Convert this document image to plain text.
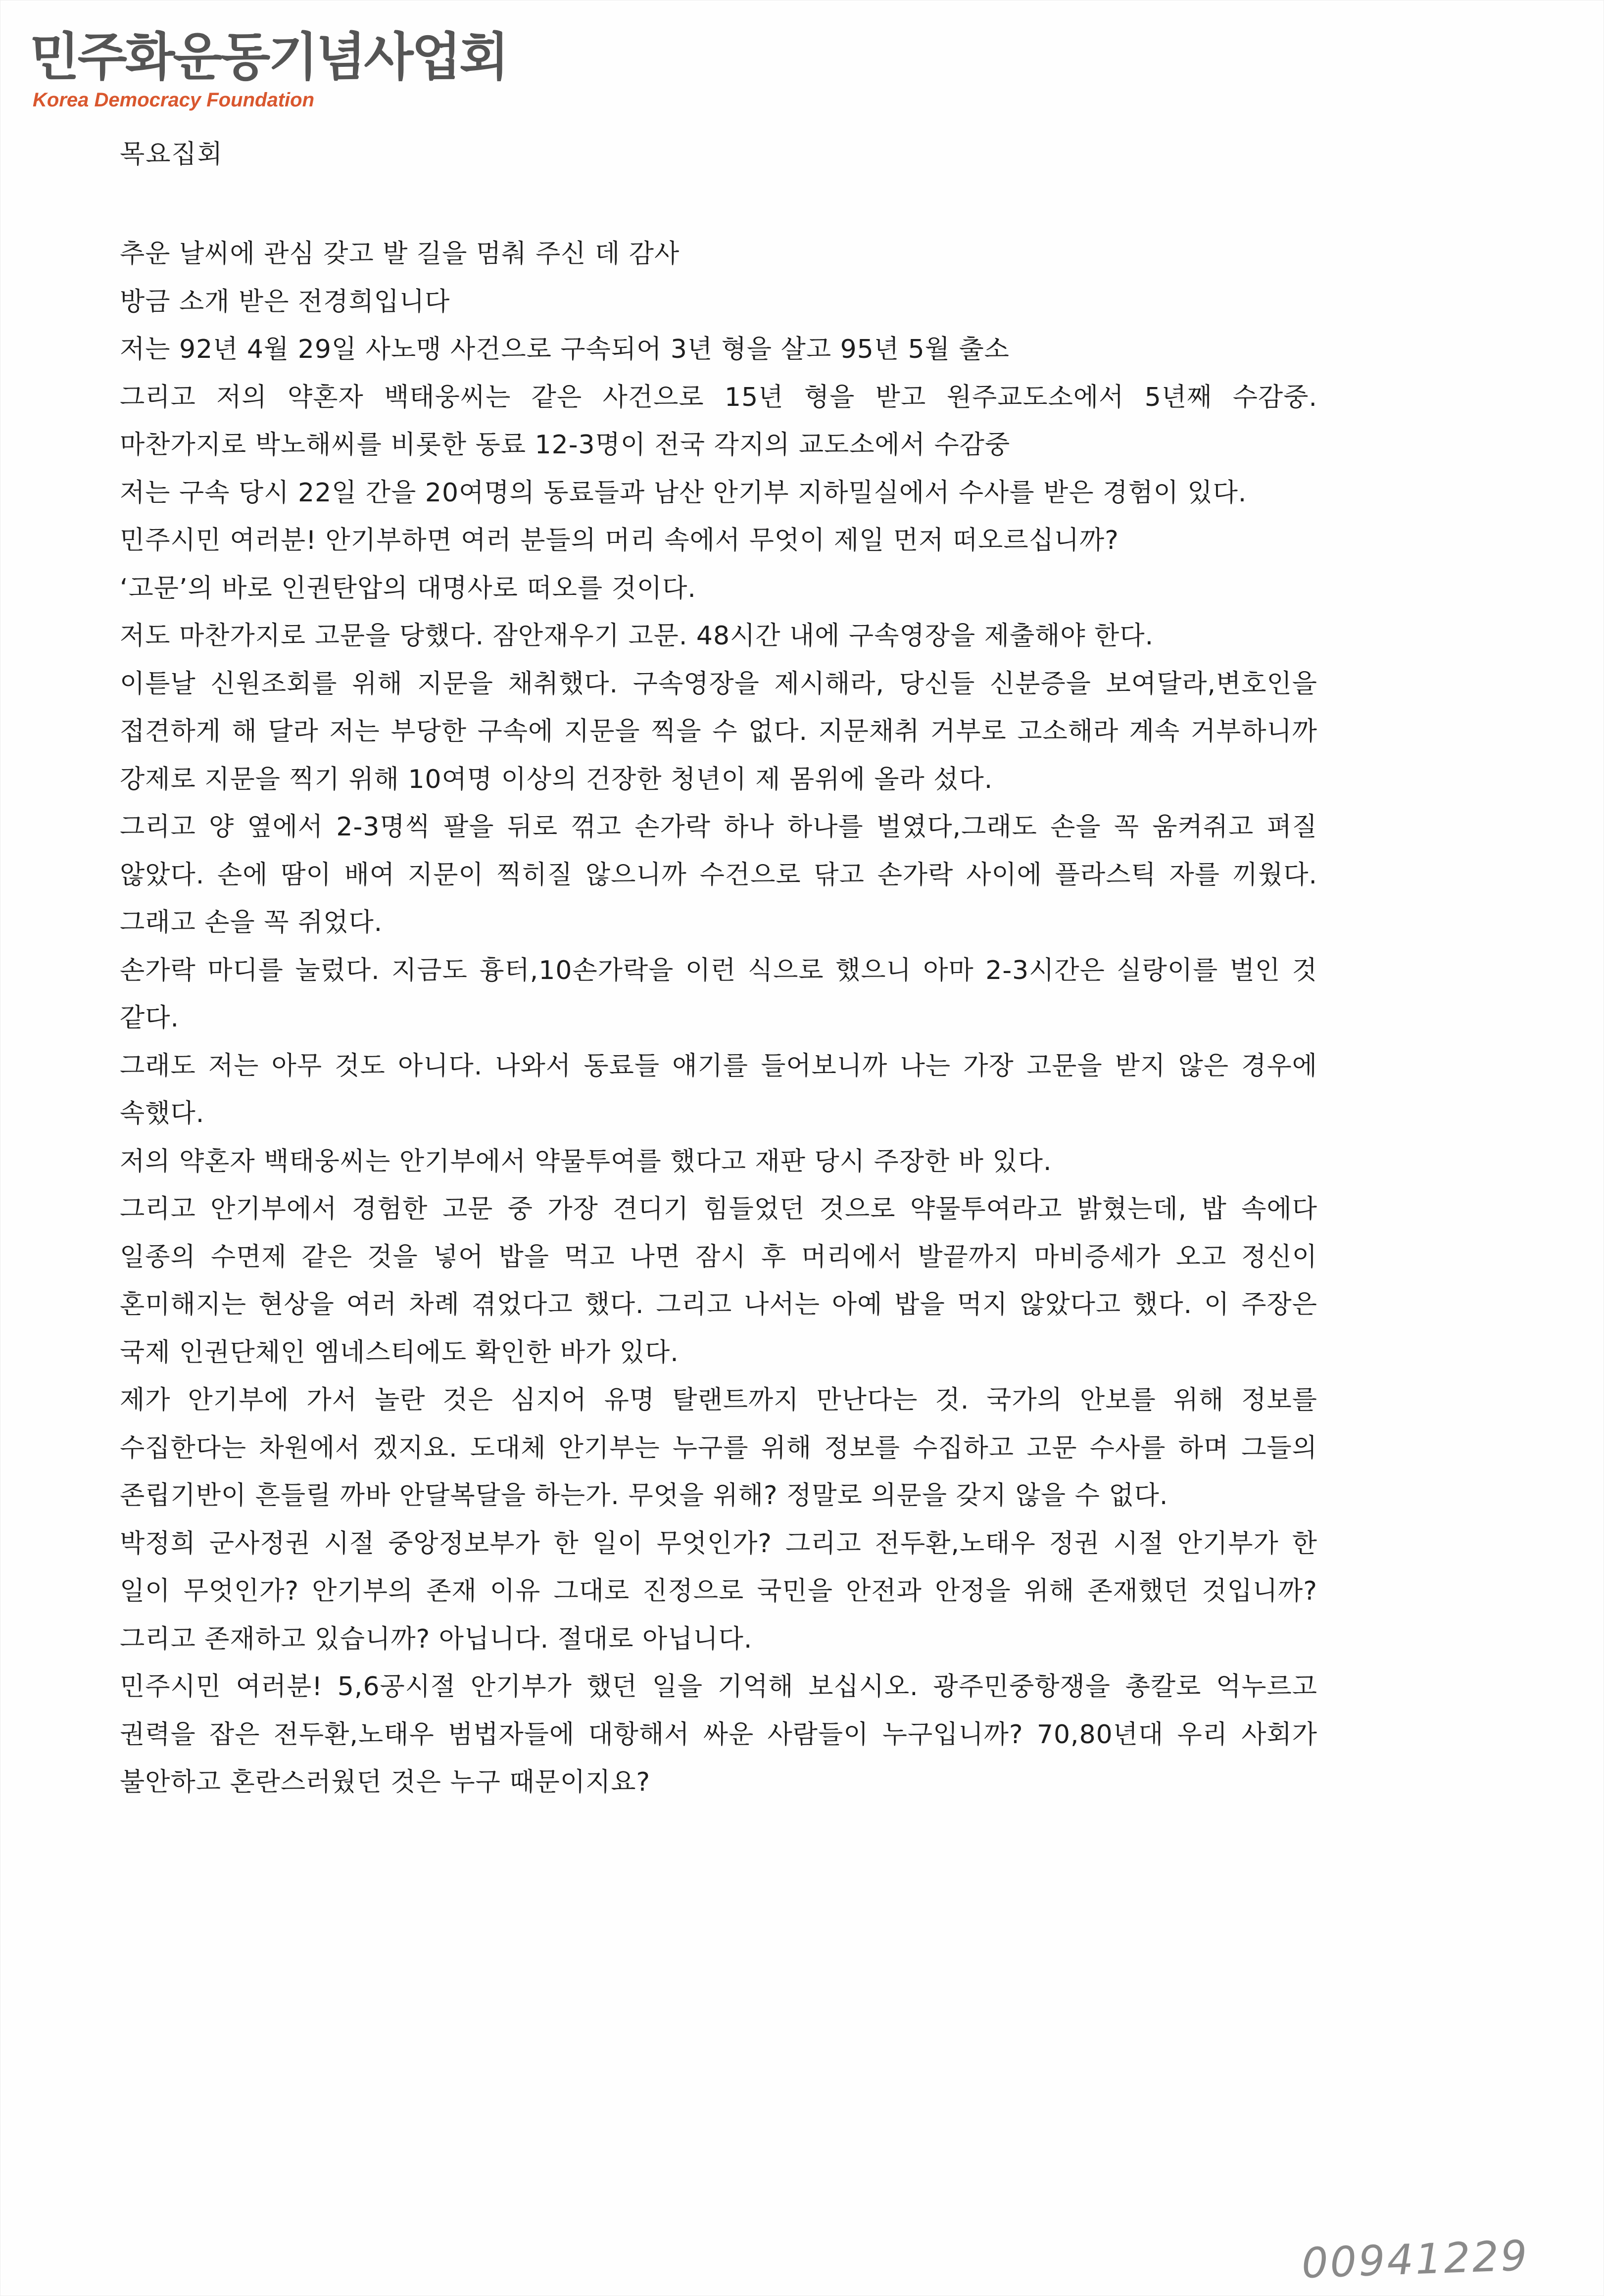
민주화운동기념사업회
Korea Democracy Foundation
목요집회

추운 날씨에 관심 갖고 발 길을 멈춰 주신 데 감사

방금 소개 받은 전경희입니다

저는 92년 4월 29일 사노맹 사건으로 구속되어 3년 형을 살고 95년 5월 출소

그리고 저의 약혼자 백태웅씨는 같은 사건으로 15년 형을 받고 원주교도소에서 5년째 수감중. 마찬가지로 박노해씨를 비롯한 동료 12-3명이 전국 각지의 교도소에서 수감중

저는 구속 당시 22일 간을 20여명의 동료들과 남산 안기부 지하밀실에서 수사를 받은 경험이 있다.

민주시민 여러분! 안기부하면 여러 분들의 머리 속에서 무엇이 제일 먼저 떠오르십니까?

‘고문’의 바로 인권탄압의 대명사로 떠오를 것이다.

저도 마찬가지로 고문을 당했다. 잠안재우기 고문. 48시간 내에 구속영장을 제출해야 한다.

이튿날 신원조회를 위해 지문을 채취했다. 구속영장을 제시해라, 당신들 신분증을 보여달라,변호인을 접견하게 해 달라 저는 부당한 구속에 지문을 찍을 수 없다. 지문채취 거부로 고소해라 계속 거부하니까 강제로 지문을 찍기 위해 10여명 이상의 건장한 청년이 제 몸위에 올라 섰다.

그리고 양 옆에서 2-3명씩 팔을 뒤로 꺾고 손가락 하나 하나를 벌였다,그래도 손을 꼭 움켜쥐고 펴질 않았다. 손에 땀이 배여 지문이 찍히질 않으니까 수건으로 닦고 손가락 사이에 플라스틱 자를 끼웠다. 그래고 손을 꼭 쥐었다.

손가락 마디를 눌렀다. 지금도 흉터,10손가락을 이런 식으로 했으니 아마 2-3시간은 실랑이를 벌인 것 같다.

그래도 저는 아무 것도 아니다. 나와서 동료들 얘기를 들어보니까 나는 가장 고문을 받지 않은 경우에 속했다.

저의 약혼자 백태웅씨는 안기부에서 약물투여를 했다고 재판 당시 주장한 바 있다.

그리고 안기부에서 경험한 고문 중 가장 견디기 힘들었던 것으로 약물투여라고 밝혔는데, 밥 속에다 일종의 수면제 같은 것을 넣어 밥을 먹고 나면 잠시 후 머리에서 발끝까지 마비증세가 오고 정신이 혼미해지는 현상을 여러 차례 겪었다고 했다. 그리고 나서는 아예 밥을 먹지 않았다고 했다. 이 주장은 국제 인권단체인 엠네스티에도 확인한 바가 있다.

제가 안기부에 가서 놀란 것은 심지어 유명 탈랜트까지 만난다는 것. 국가의 안보를 위해 정보를 수집한다는 차원에서 겠지요. 도대체 안기부는 누구를 위해 정보를 수집하고 고문 수사를 하며 그들의 존립기반이 흔들릴 까바 안달복달을 하는가. 무엇을 위해? 정말로 의문을 갖지 않을 수 없다.

박정희 군사정권 시절 중앙정보부가 한 일이 무엇인가? 그리고 전두환,노태우 정권 시절 안기부가 한 일이 무엇인가? 안기부의 존재 이유 그대로 진정으로 국민을 안전과 안정을 위해 존재했던 것입니까? 그리고 존재하고 있습니까? 아닙니다. 절대로 아닙니다.

민주시민 여러분! 5,6공시절 안기부가 했던 일을 기억해 보십시오. 광주민중항쟁을 총칼로 억누르고 권력을 잡은 전두환,노태우 범법자들에 대항해서 싸운 사람들이 누구입니까? 70,80년대 우리 사회가 불안하고 혼란스러웠던 것은 누구 때문이지요?

00941229
